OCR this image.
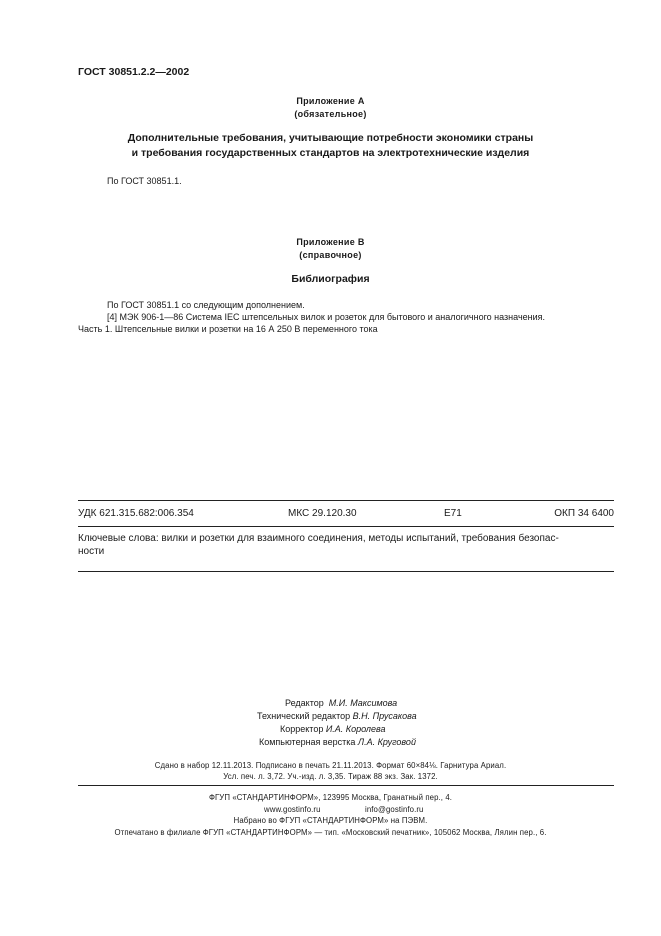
ГОСТ 30851.2.2—2002
Приложение А
(обязательное)
Дополнительные требования, учитывающие потребности экономики страны
и требования государственных стандартов на электротехнические изделия
По ГОСТ 30851.1.
Приложение В
(справочное)
Библиография
По ГОСТ 30851.1 со следующим дополнением.
[4] МЭК 906-1—86 Система IEC штепсельных вилок и розеток для бытового и аналогичного назначения.
Часть 1. Штепсельные вилки и розетки на 16 А 250 В переменного тока
УДК 621.315.682:006.354	МКС 29.120.30	Е71	ОКП 34 6400
Ключевые слова: вилки и розетки для взаимного соединения, методы испытаний, требования безопас-
ности
Редактор М.И. Максимова
Технический редактор В.Н. Прусакова
Корректор И.А. Королева
Компьютерная верстка Л.А. Круговой
Сдано в набор 12.11.2013. Подписано в печать 21.11.2013. Формат 60×84⅛. Гарнитура Ариал.
Усл. печ. л. 3,72. Уч.-изд. л. 3,35. Тираж 88 экз. Зак. 1372.
ФГУП «СТАНДАРТИНФОРМ», 123995 Москва, Гранатный пер., 4.
www.gostinfo.ru	info@gostinfo.ru
Набрано во ФГУП «СТАНДАРТИНФОРМ» на ПЭВМ.
Отпечатано в филиале ФГУП «СТАНДАРТИНФОРМ» — тип. «Московский печатник», 105062 Москва, Лялин пер., 6.
